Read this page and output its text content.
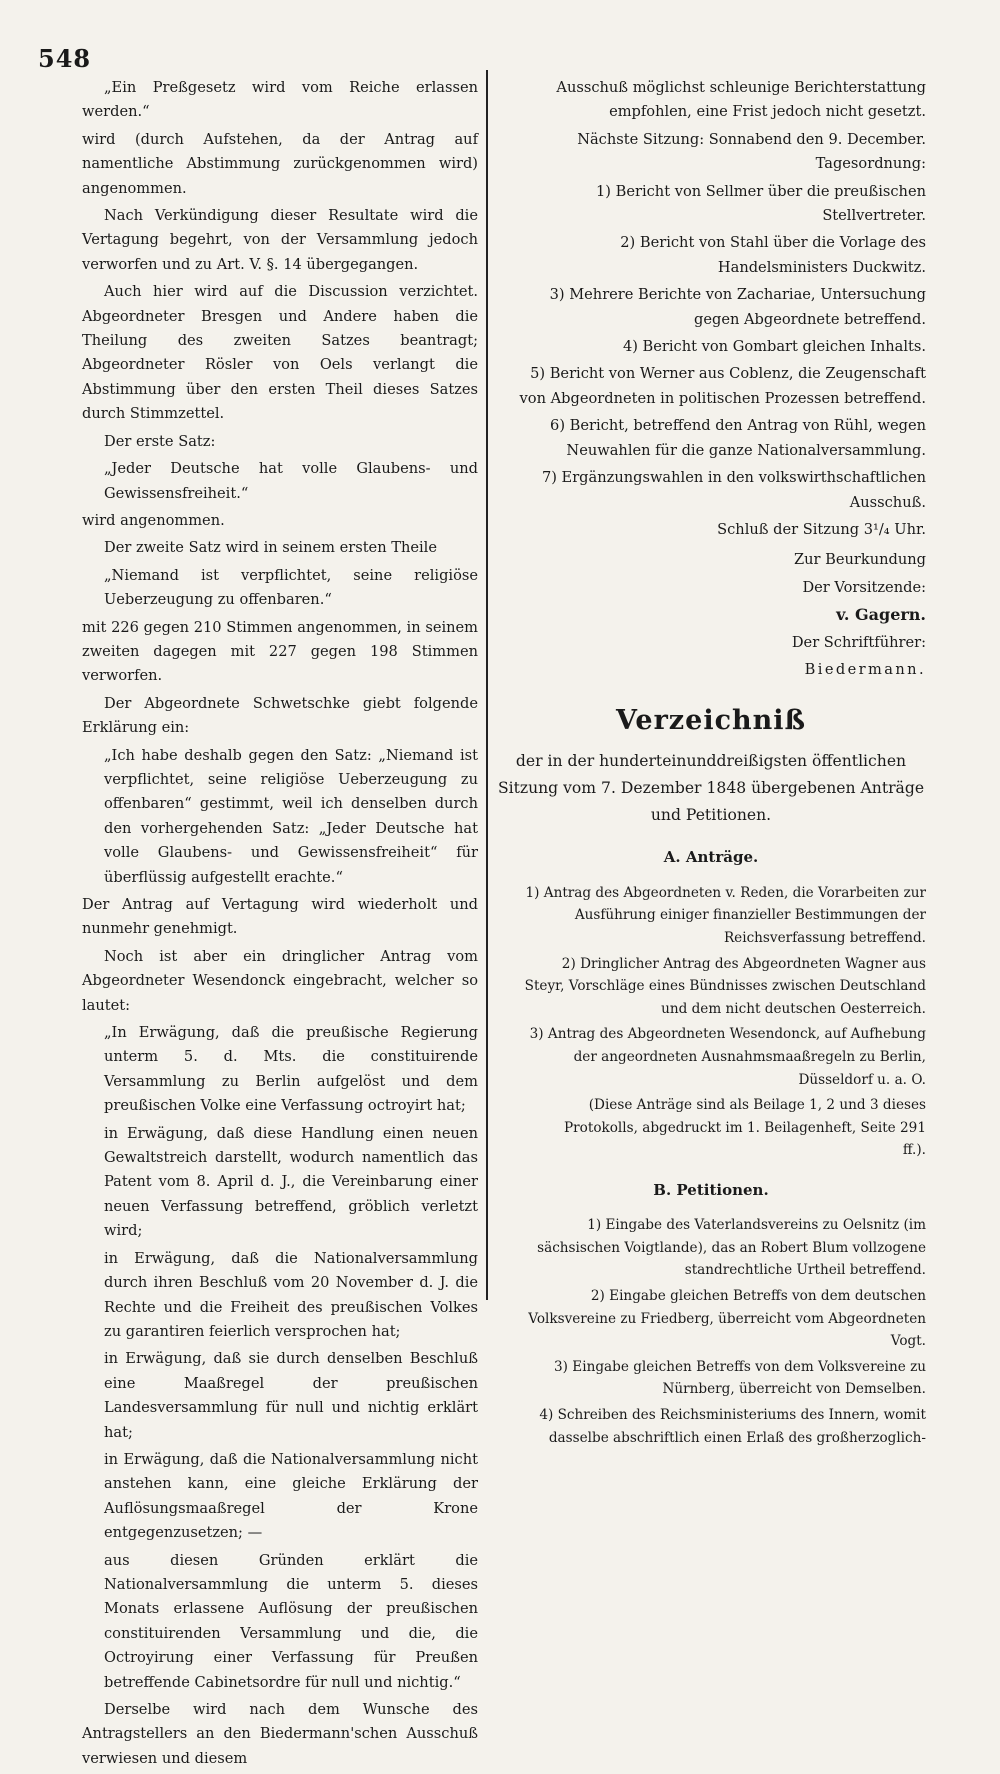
548

„Ein Preßgesetz wird vom Reiche erlassen werden.“

wird (durch Aufstehen, da der Antrag auf namentliche Abstimmung zurückgenommen wird) angenommen.

Nach Verkündigung dieser Resultate wird die Vertagung begehrt, von der Versammlung jedoch verworfen und zu Art. V. §. 14 übergegangen.

Auch hier wird auf die Discussion verzichtet. Abgeordneter Bresgen und Andere haben die Theilung des zweiten Satzes beantragt; Abgeordneter Rösler von Oels verlangt die Abstimmung über den ersten Theil dieses Satzes durch Stimmzettel.

Der erste Satz:

„Jeder Deutsche hat volle Glaubens- und Gewissensfreiheit.“

wird angenommen.

Der zweite Satz wird in seinem ersten Theile

„Niemand ist verpflichtet, seine religiöse Ueberzeugung zu offenbaren.“

mit 226 gegen 210 Stimmen angenommen, in seinem zweiten dagegen mit 227 gegen 198 Stimmen verworfen.

Der Abgeordnete Schwetschke giebt folgende Erklärung ein:

„Ich habe deshalb gegen den Satz: „Niemand ist verpflichtet, seine religiöse Ueberzeugung zu offenbaren“ gestimmt, weil ich denselben durch den vorhergehenden Satz: „Jeder Deutsche hat volle Glaubens- und Gewissensfreiheit“ für überflüssig aufgestellt erachte.“

Der Antrag auf Vertagung wird wiederholt und nunmehr genehmigt.

Noch ist aber ein dringlicher Antrag vom Abgeordneter Wesendonck eingebracht, welcher so lautet:

„In Erwägung, daß die preußische Regierung unterm 5. d. Mts. die constituirende Versammlung zu Berlin aufgelöst und dem preußischen Volke eine Verfassung octroyirt hat;

in Erwägung, daß diese Handlung einen neuen Gewaltstreich darstellt, wodurch namentlich das Patent vom 8. April d. J., die Vereinbarung einer neuen Verfassung betreffend, gröblich verletzt wird;

in Erwägung, daß die Nationalversammlung durch ihren Beschluß vom 20 November d. J. die Rechte und die Freiheit des preußischen Volkes zu garantiren feierlich versprochen hat;

in Erwägung, daß sie durch denselben Beschluß eine Maaßregel der preußischen Landesversammlung für null und nichtig erklärt hat;

in Erwägung, daß die Nationalversammlung nicht anstehen kann, eine gleiche Erklärung der Auflösungsmaaßregel der Krone entgegenzusetzen; —

aus diesen Gründen erklärt die Nationalversammlung die unterm 5. dieses Monats erlassene Auflösung der preußischen constituirenden Versammlung und die, die Octroyirung einer Verfassung für Preußen betreffende Cabinetsordre für null und nichtig.“

Derselbe wird nach dem Wunsche des Antragstellers an den Biedermann'schen Ausschuß verwiesen und diesem

Ausschuß möglichst schleunige Berichterstattung empfohlen, eine Frist jedoch nicht gesetzt.

Nächste Sitzung: Sonnabend den 9. December. Tagesordnung:

1) Bericht von Sellmer über die preußischen Stellvertreter.

2) Bericht von Stahl über die Vorlage des Handelsministers Duckwitz.

3) Mehrere Berichte von Zachariae, Untersuchung gegen Abgeordnete betreffend.

4) Bericht von Gombart gleichen Inhalts.

5) Bericht von Werner aus Coblenz, die Zeugenschaft von Abgeordneten in politischen Prozessen betreffend.

6) Bericht, betreffend den Antrag von Rühl, wegen Neuwahlen für die ganze Nationalversammlung.

7) Ergänzungswahlen in den volkswirthschaftlichen Ausschuß.

Schluß der Sitzung 3¹/₄ Uhr.

Zur Beurkundung

Der Vorsitzende:

v. Gagern.

Der Schriftführer:

Biedermann.

Verzeichniß
der in der hunderteinunddreißigsten öffentlichen Sitzung vom 7. Dezember 1848 übergebenen Anträge und Petitionen.
A. Anträge.

1) Antrag des Abgeordneten v. Reden, die Vorarbeiten zur Ausführung einiger finanzieller Bestimmungen der Reichsverfassung betreffend.

2) Dringlicher Antrag des Abgeordneten Wagner aus Steyr, Vorschläge eines Bündnisses zwischen Deutschland und dem nicht deutschen Oesterreich.

3) Antrag des Abgeordneten Wesendonck, auf Aufhebung der angeordneten Ausnahmsmaaßregeln zu Berlin, Düsseldorf u. a. O.

(Diese Anträge sind als Beilage 1, 2 und 3 dieses Protokolls, abgedruckt im 1. Beilagenheft, Seite 291 ff.).

B. Petitionen.

1) Eingabe des Vaterlandsvereins zu Oelsnitz (im sächsischen Voigtlande), das an Robert Blum vollzogene standrechtliche Urtheil betreffend.

2) Eingabe gleichen Betreffs von dem deutschen Volksvereine zu Friedberg, überreicht vom Abgeordneten Vogt.

3) Eingabe gleichen Betreffs von dem Volksvereine zu Nürnberg, überreicht von Demselben.

4) Schreiben des Reichsministeriums des Innern, womit dasselbe abschriftlich einen Erlaß des großherzoglich-
